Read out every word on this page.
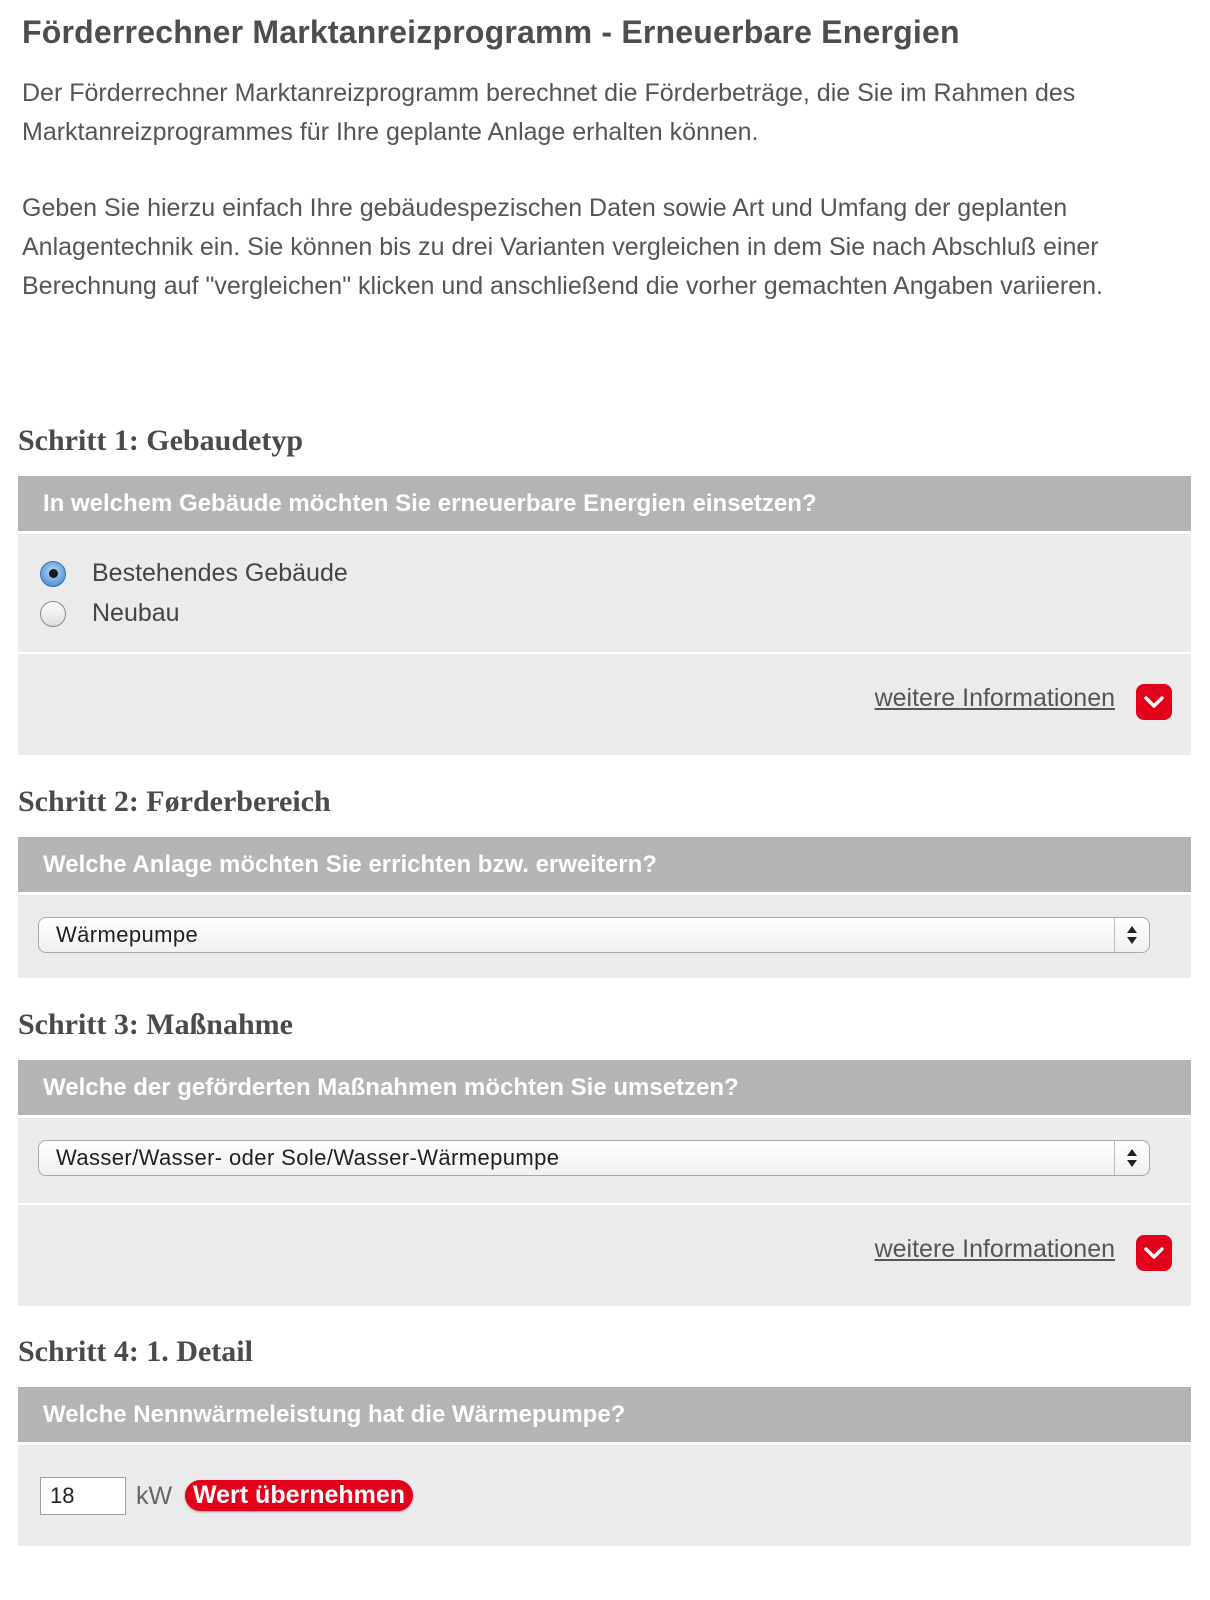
Förderrechner Marktanreizprogramm - Erneuerbare Energien

Der Förderrechner Marktanreizprogramm berechnet die Förderbeträge, die Sie im Rahmen des Marktanreizprogrammes für Ihre geplante Anlage erhalten können.

Geben Sie hierzu einfach Ihre gebäudespezischen Daten sowie Art und Umfang der geplanten Anlagentechnik ein. Sie können bis zu drei Varianten vergleichen in dem Sie nach Abschluß einer Berechnung auf "vergleichen" klicken und anschließend die vorher gemachten Angaben variieren.

Schritt 1: Gebaudetyp
In welchem Gebäude möchten Sie erneuerbare Energien einsetzen?
Bestehendes Gebäude
Neubau
weitere Informationen
Schritt 2: Førderbereich
Welche Anlage möchten Sie errichten bzw. erweitern?
Wärmepumpe
Schritt 3: Maßnahme
Welche der geförderten Maßnahmen möchten Sie umsetzen?
Wasser/Wasser- oder Sole/Wasser-Wärmepumpe
weitere Informationen
Schritt 4: 1. Detail
Welche Nennwärmeleistung hat die Wärmepumpe?
18
kW Wert übernehmen
